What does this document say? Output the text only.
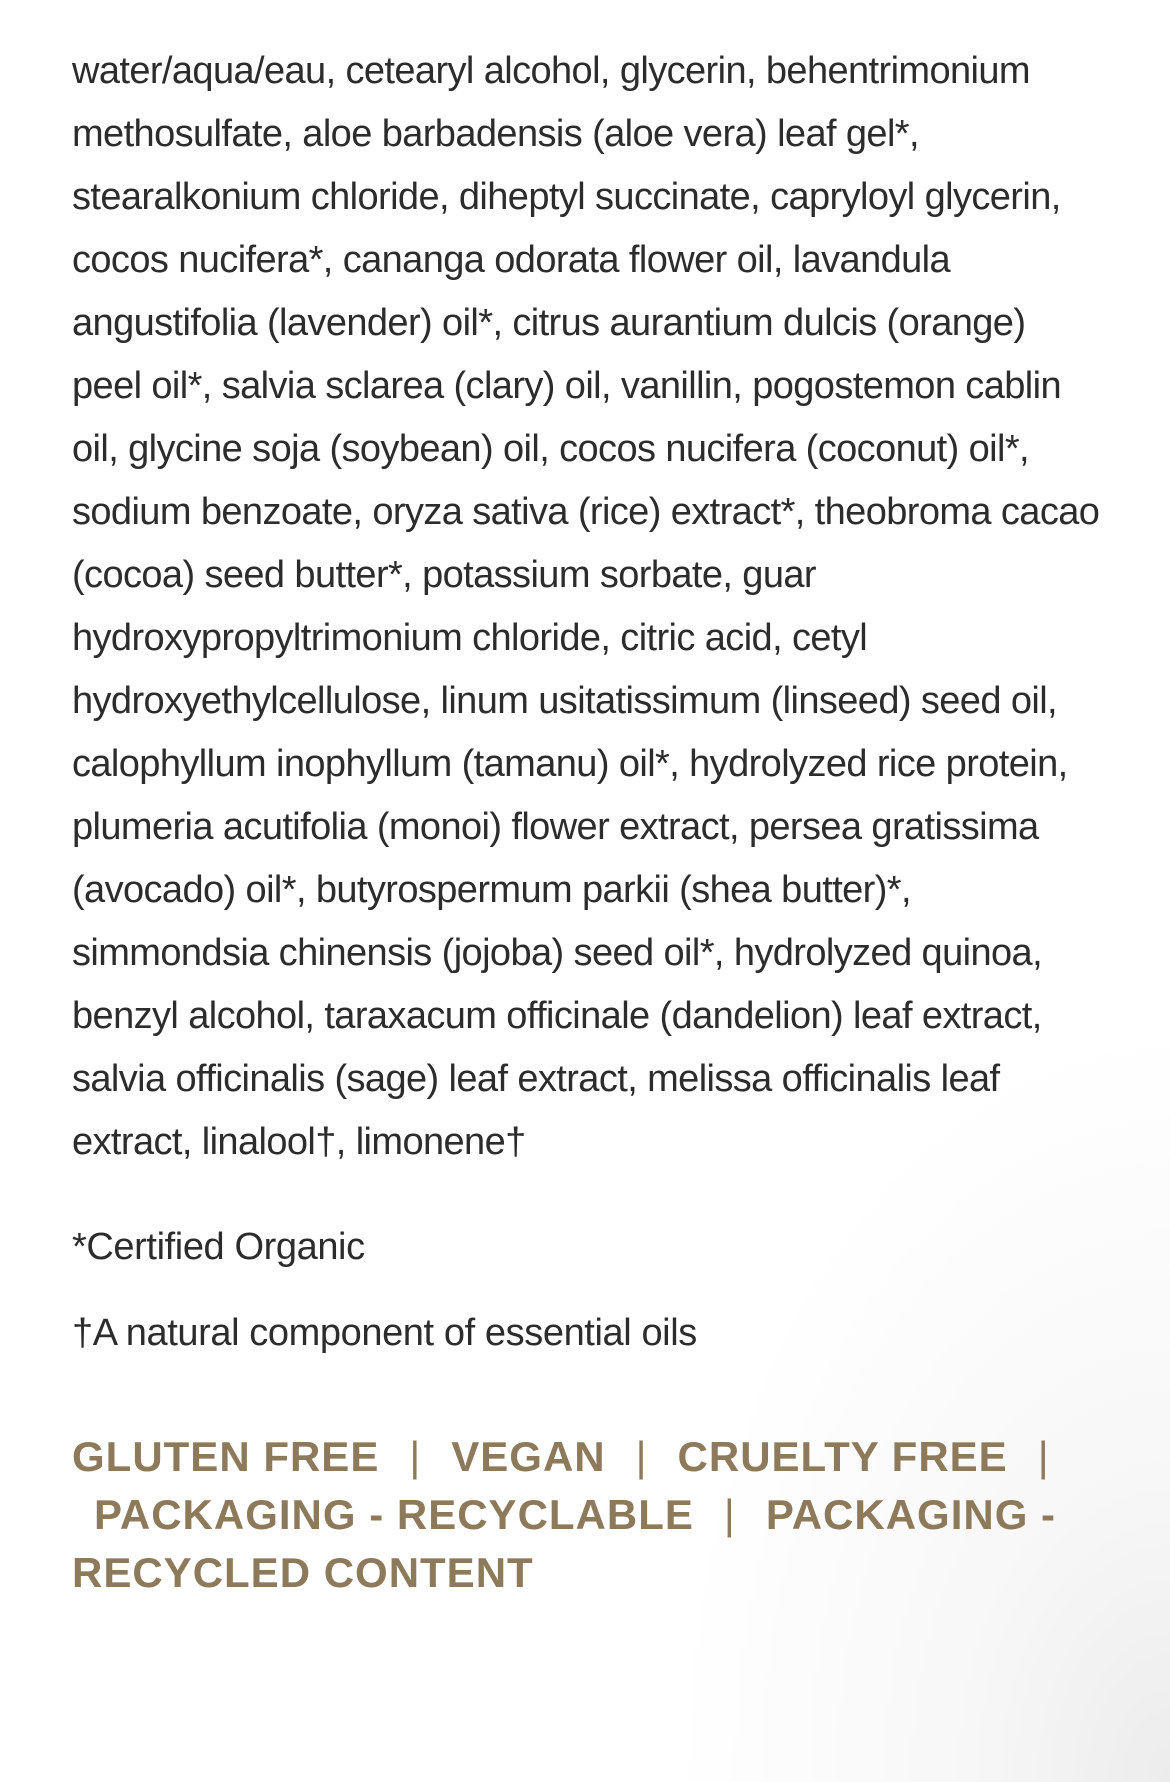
water/aqua/eau, cetearyl alcohol, glycerin, behentrimonium methosulfate, aloe barbadensis (aloe vera) leaf gel*, stearalkonium chloride, diheptyl succinate, capryloyl glycerin, cocos nucifera*, cananga odorata flower oil, lavandula angustifolia (lavender) oil*, citrus aurantium dulcis (orange) peel oil*, salvia sclarea (clary) oil, vanillin, pogostemon cablin oil, glycine soja (soybean) oil, cocos nucifera (coconut) oil*, sodium benzoate, oryza sativa (rice) extract*, theobroma cacao (cocoa) seed butter*, potassium sorbate, guar hydroxypropyltrimonium chloride, citric acid, cetyl hydroxyethylcellulose, linum usitatissimum (linseed) seed oil, calophyllum inophyllum (tamanu) oil*, hydrolyzed rice protein, plumeria acutifolia (monoi) flower extract, persea gratissima (avocado) oil*, butyrospermum parkii (shea butter)*, simmondsia chinensis (jojoba) seed oil*, hydrolyzed quinoa, benzyl alcohol, taraxacum officinale (dandelion) leaf extract, salvia officinalis (sage) leaf extract, melissa officinalis leaf extract, linalool†, limonene†

*Certified Organic

†A natural component of essential oils

GLUTEN FREE | VEGAN | CRUELTY FREE |
PACKAGING - RECYCLABLE | PACKAGING - RECYCLED CONTENT
